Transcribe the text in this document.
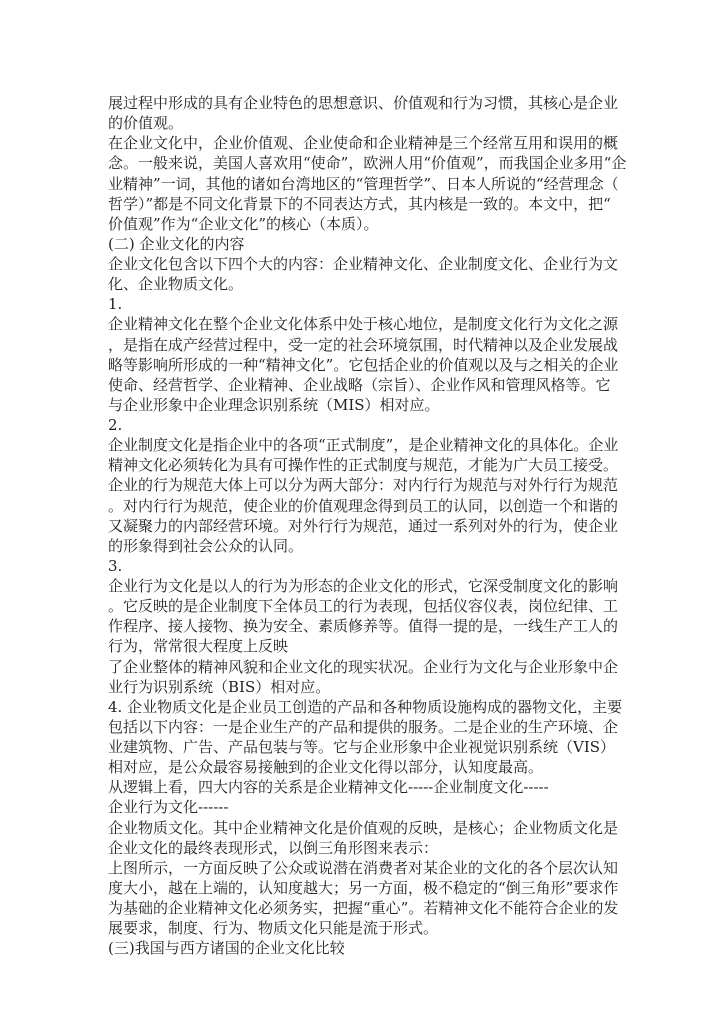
展过程中形成的具有企业特色的思想意识、价值观和行为习惯，其核心是企业
的价值观。
在企业文化中，企业价值观、企业使命和企业精神是三个经常互用和误用的概
念。一般来说，美国人喜欢用“使命”，欧洲人用“价值观”，而我国企业多用“企
业精神”一词，其他的诸如台湾地区的“管理哲学”、日本人所说的“经营理念（
哲学）”都是不同文化背景下的不同表达方式，其内核是一致的。本文中，把“
价值观”作为“企业文化”的核心（本质）。
(二) 企业文化的内容
企业文化包含以下四个大的内容：企业精神文化、企业制度文化、企业行为文
化、企业物质文化。
1.
企业精神文化在整个企业文化体系中处于核心地位，是制度文化行为文化之源
，是指在成产经营过程中，受一定的社会环境氛围，时代精神以及企业发展战
略等影响所形成的一种“精神文化”。它包括企业的价值观以及与之相关的企业
使命、经营哲学、企业精神、企业战略（宗旨）、企业作风和管理风格等。它
与企业形象中企业理念识别系统（MIS）相对应。
2.
企业制度文化是指企业中的各项“正式制度”，是企业精神文化的具体化。企业
精神文化必须转化为具有可操作性的正式制度与规范，才能为广大员工接受。
企业的行为规范大体上可以分为两大部分：对内行行为规范与对外行行为规范
。对内行行为规范，使企业的价值观理念得到员工的认同，以创造一个和谐的
又凝聚力的内部经营环境。对外行行为规范，通过一系列对外的行为，使企业
的形象得到社会公众的认同。
3.
企业行为文化是以人的行为为形态的企业文化的形式，它深受制度文化的影响
。它反映的是企业制度下全体员工的行为表现，包括仪容仪表，岗位纪律、工
作程序、接人接物、换为安全、素质修养等。值得一提的是，一线生产工人的
行为，常常很大程度上反映
了企业整体的精神风貌和企业文化的现实状况。企业行为文化与企业形象中企
业行为识别系统（BIS）相对应。
4. 企业物质文化是企业员工创造的产品和各种物质设施构成的器物文化，主要
包括以下内容：一是企业生产的产品和提供的服务。二是企业的生产环境、企
业建筑物、广告、产品包装与等。它与企业形象中企业视觉识别系统（VIS）
相对应，是公众最容易接触到的企业文化得以部分，认知度最高。
从逻辑上看，四大内容的关系是企业精神文化-----企业制度文化-----
企业行为文化------
企业物质文化。其中企业精神文化是价值观的反映，是核心；企业物质文化是
企业文化的最终表现形式，以倒三角形图来表示：
上图所示，一方面反映了公众或说潜在消费者对某企业的文化的各个层次认知
度大小，越在上端的，认知度越大；另一方面，极不稳定的“倒三角形”要求作
为基础的企业精神文化必须务实，把握“重心”。若精神文化不能符合企业的发
展要求，制度、行为、物质文化只能是流于形式。
(三)我国与西方诸国的企业文化比较
